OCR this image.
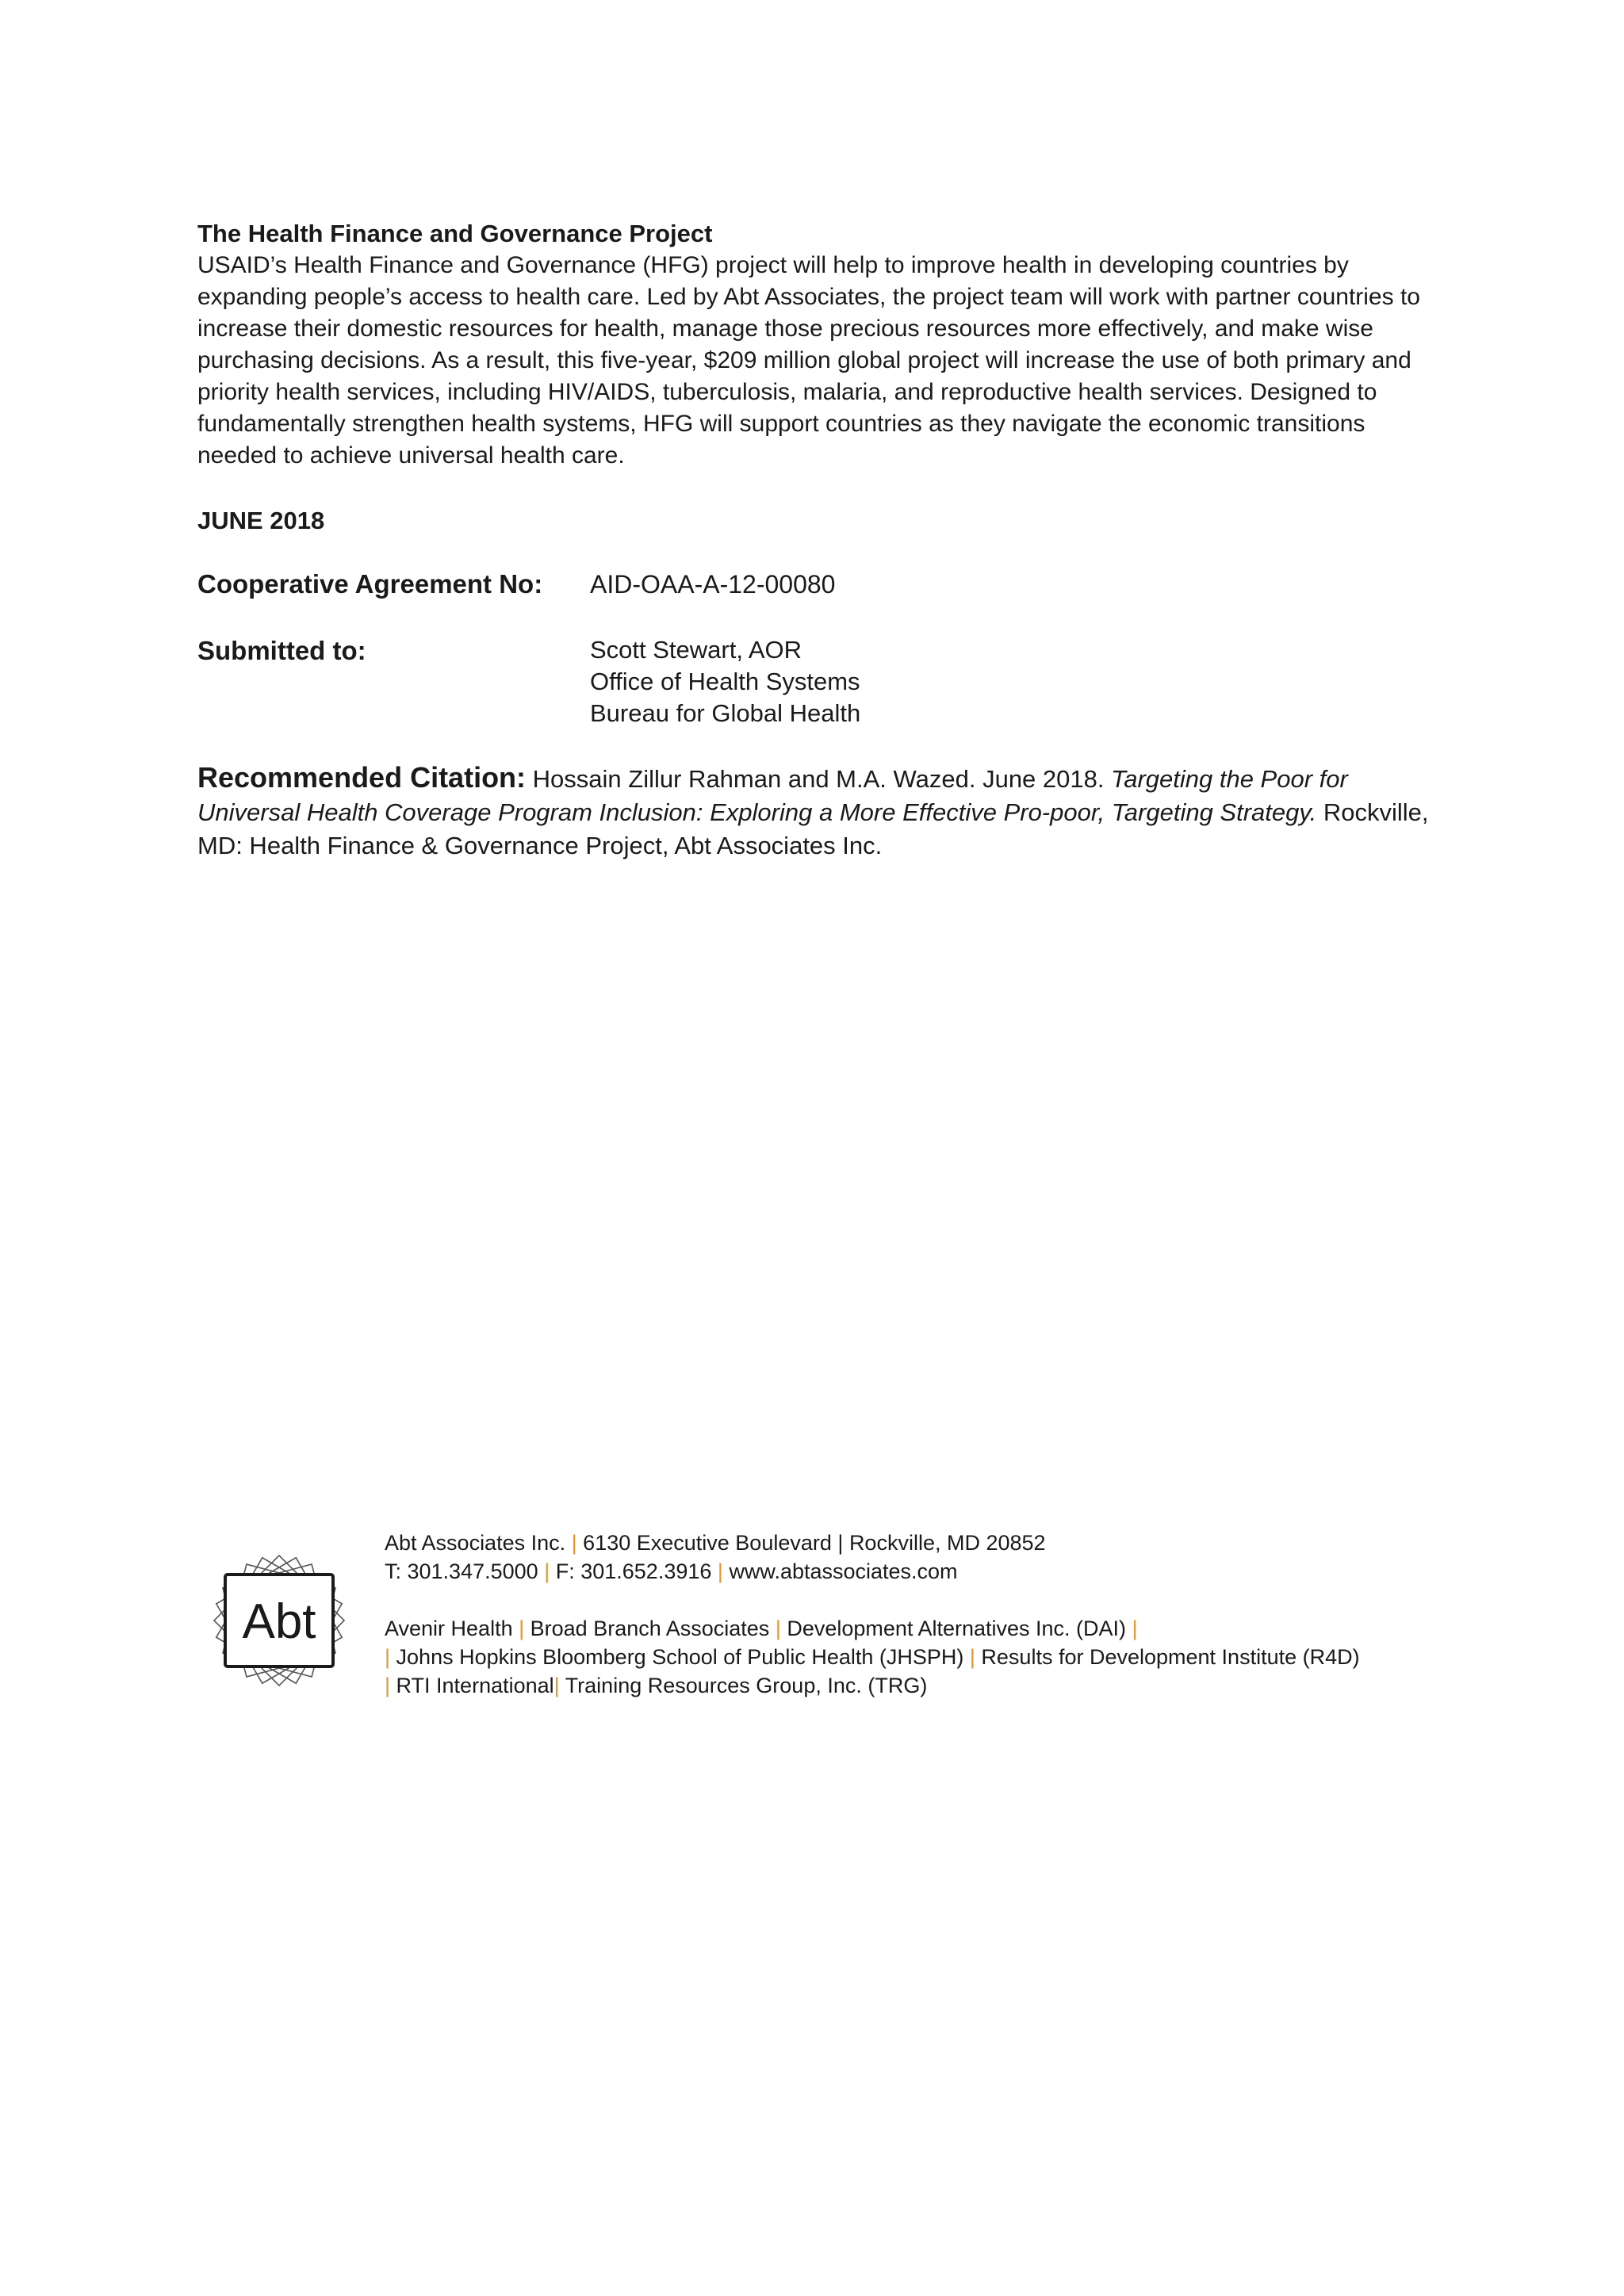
The Health Finance and Governance Project

USAID’s Health Finance and Governance (HFG) project will help to improve health in developing countries by expanding people’s access to health care. Led by Abt Associates, the project team will work with partner countries to increase their domestic resources for health, manage those precious resources more effectively, and make wise purchasing decisions. As a result, this five-year, $209 million global project will increase the use of both primary and priority health services, including HIV/AIDS, tuberculosis, malaria, and reproductive health services. Designed to fundamentally strengthen health systems, HFG will support countries as they navigate the economic transitions needed to achieve universal health care.

JUNE 2018
Cooperative Agreement No: AID-OAA-A-12-00080
Submitted to:	Scott Stewart, AOR
Office of Health Systems
Bureau for Global Health
Recommended Citation: Hossain Zillur Rahman and M.A. Wazed. June 2018. Targeting the Poor for Universal Health Coverage Program Inclusion: Exploring a More Effective Pro-poor, Targeting Strategy. Rockville, MD: Health Finance & Governance Project, Abt Associates Inc.
Abt
Abt Associates Inc. | 6130 Executive Boulevard | Rockville, MD 20852
T: 301.347.5000 | F: 301.652.3916 | www.abtassociates.com
Avenir Health | Broad Branch Associates | Development Alternatives Inc. (DAI) |
| Johns Hopkins Bloomberg School of Public Health (JHSPH) | Results for Development Institute (R4D)
| RTI International| Training Resources Group, Inc. (TRG)
